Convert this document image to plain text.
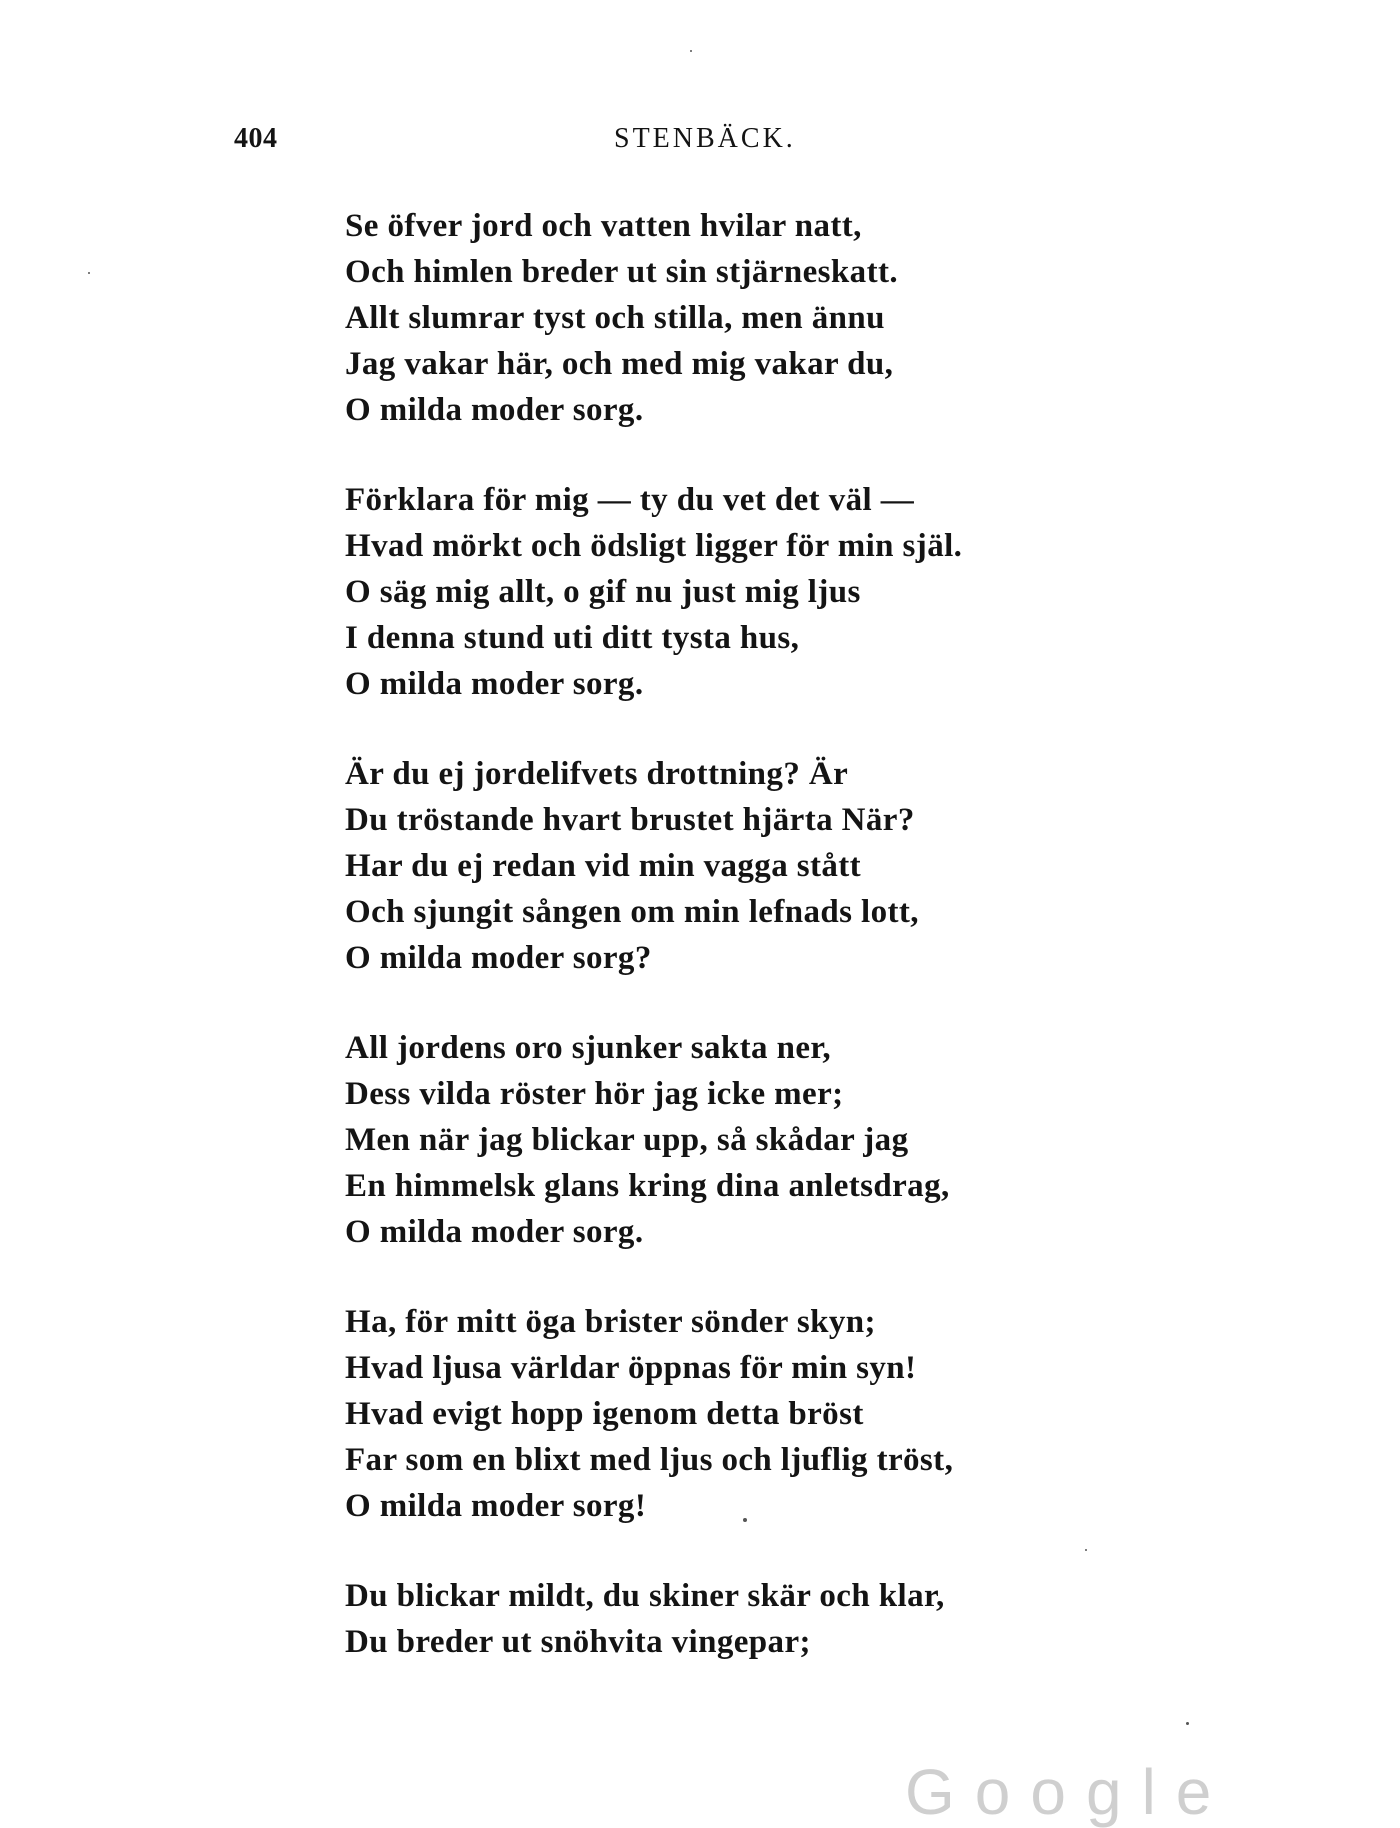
404	STENBÄCK.
Se öfver jord och vatten hvilar natt,
Och himlen breder ut sin stjärneskatt.
Allt slumrar tyst och stilla, men ännu
Jag vakar här, och med mig vakar du,
O milda moder sorg.
Förklara för mig — ty du vet det väl —
Hvad mörkt och ödsligt ligger för min själ.
O säg mig allt, o gif nu just mig ljus
I denna stund uti ditt tysta hus,
O milda moder sorg.
Är du ej jordelifvets drottning? Är
Du tröstande hvart brustet hjärta När?
Har du ej redan vid min vagga stått
Och sjungit sången om min lefnads lott,
O milda moder sorg?
All jordens oro sjunker sakta ner,
Dess vilda röster hör jag icke mer;
Men när jag blickar upp, så skådar jag
En himmelsk glans kring dina anletsdrag,
O milda moder sorg.
Ha, för mitt öga brister sönder skyn;
Hvad ljusa världar öppnas för min syn!
Hvad evigt hopp igenom detta bröst
Far som en blixt med ljus och ljuflig tröst,
O milda moder sorg!
Du blickar mildt, du skiner skär och klar,
Du breder ut snöhvita vingepar;
Google
